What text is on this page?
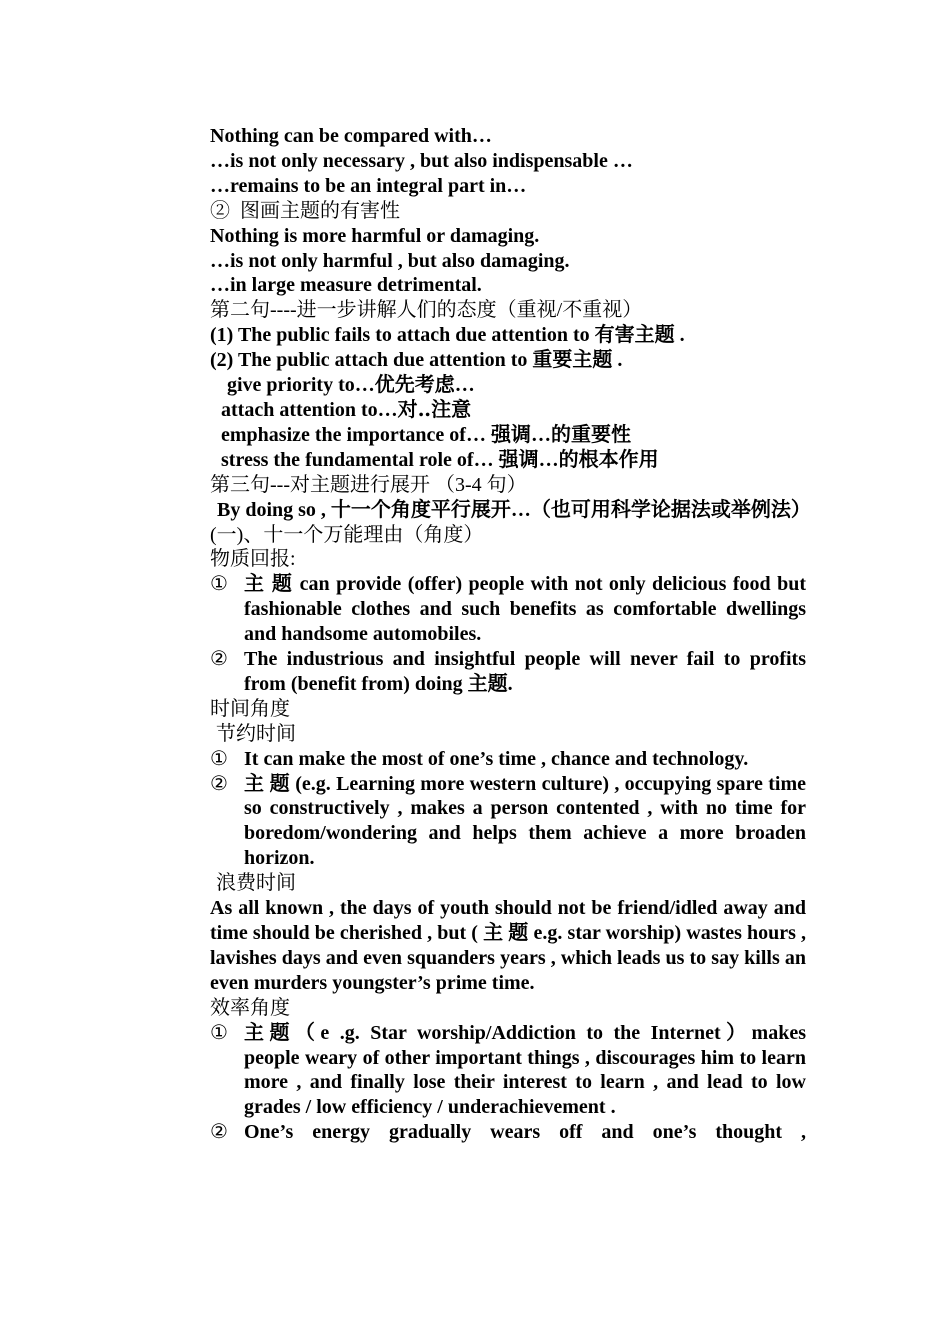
Nothing can be compared with…
…is not only necessary , but also indispensable …
…remains to be an integral part in…
② 图画主题的有害性
Nothing is more harmful or damaging.
…is not only harmful , but also damaging.
…in large measure detrimental.
第二句----进一步讲解人们的态度（重视/不重视）
(1) The public fails to attach due attention to 有害主题 .
(2) The public attach due attention to 重要主题 .
give priority to…优先考虑…
attach attention to…对‥注意
emphasize the importance of… 强调…的重要性
stress the fundamental role of… 强调…的根本作用
第三句---对主题进行展开 （3-4 句）
By doing so , 十一个角度平行展开…（也可用科学论据法或举例法）
(一)、十一个万能理由（角度）
物质回报:
① 主 题 can provide (offer) people with not only delicious food but fashionable clothes and such benefits as comfortable dwellings and handsome automobiles.
② The industrious and insightful people will never fail to profits from (benefit from) doing 主题.
时间角度
节约时间
① It can make the most of one’s time , chance and technology.
② 主 题 (e.g. Learning more western culture) , occupying spare time so constructively , makes a person contented , with no time for boredom/wondering and helps them achieve a more broaden horizon.
浪费时间
As all known , the days of youth should not be friend/idled away and time should be cherished , but ( 主 题 e.g. star worship) wastes hours , lavishes days and even squanders years , which leads us to say kills an even murders youngster’s prime time.
效率角度
① 主题（e .g. Star worship/Addiction to the Internet）makes people weary of other important things , discourages him to learn more , and finally lose their interest to learn , and lead to low grades / low efficiency / underachievement .
② One’s energy gradually wears off and one’s thought ,
